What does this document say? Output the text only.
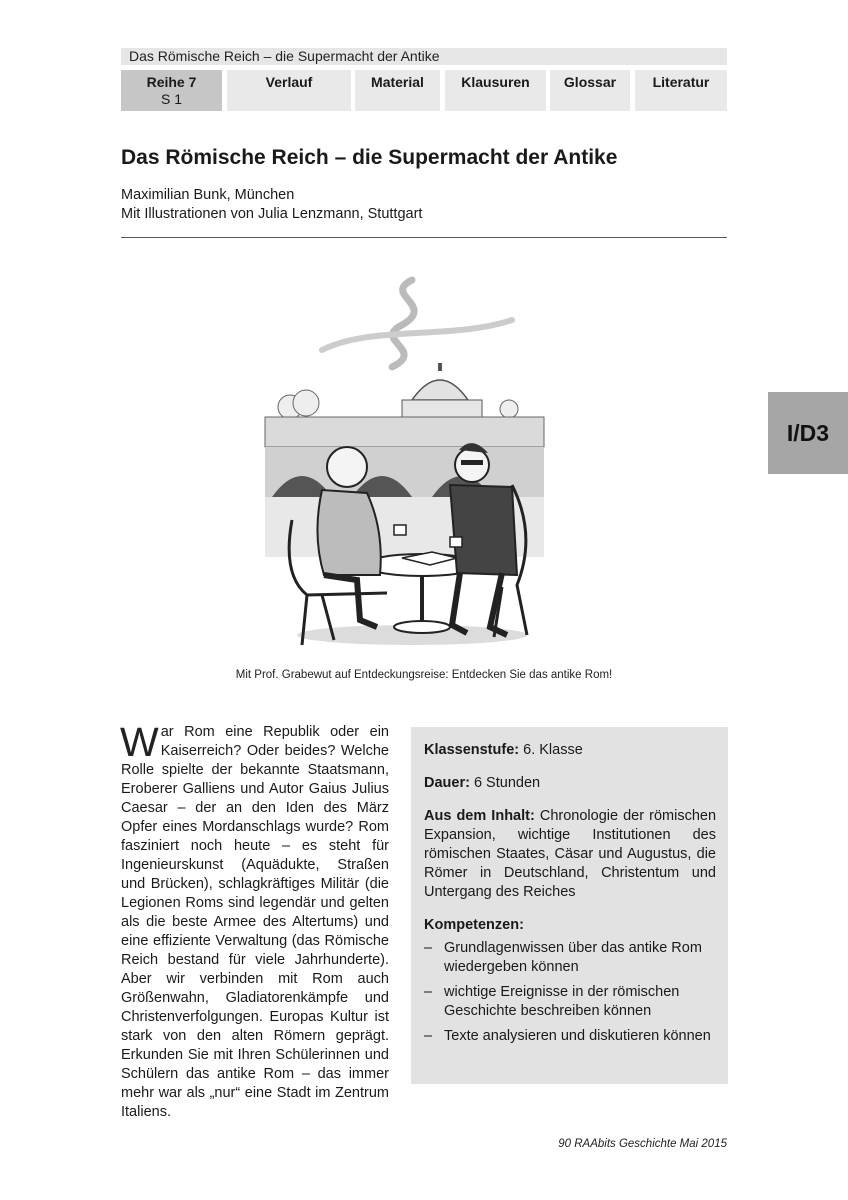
Das Römische Reich – die Supermacht der Antike
Reihe 7
S 1
Verlauf	Material	Klausuren	Glossar	Literatur
Das Römische Reich – die Supermacht der Antike
Maximilian Bunk, München
Mit Illustrationen von Julia Lenzmann, Stuttgart
Mit Prof. Grabewut auf Entdeckungsreise: Entdecken Sie das antike Rom!
I/D3
War Rom eine Republik oder ein Kaiserreich? Oder beides? Welche Rolle spielte der bekannte Staatsmann, Eroberer Galliens und Autor Gaius Julius Caesar – der an den Iden des März Opfer eines Mordanschlags wurde? Rom fasziniert noch heute – es steht für Ingenieurskunst (Aquädukte, Straßen und Brücken), schlagkräftiges Militär (die Legionen Roms sind legendär und gelten als die beste Armee des Altertums) und eine effiziente Verwaltung (das Römische Reich bestand für viele Jahrhunderte). Aber wir verbinden mit Rom auch Größenwahn, Gladiatorenkämpfe und Christenverfolgungen. Europas Kultur ist stark von den alten Römern geprägt. Erkunden Sie mit Ihren Schülerinnen und Schülern das antike Rom – das immer mehr war als „nur“ eine Stadt im Zentrum Italiens.

Klassenstufe: 6. Klasse

Dauer: 6 Stunden

Aus dem Inhalt: Chronologie der römischen Expansion, wichtige Institutionen des römischen Staates, Cäsar und Augustus, die Römer in Deutschland, Christentum und Untergang des Reiches

Kompetenzen:
– Grundlagenwissen über das antike Rom wiedergeben können
– wichtige Ereignisse in der römischen Geschichte beschreiben können
– Texte analysieren und diskutieren können
90 RAAbits Geschichte Mai 2015
